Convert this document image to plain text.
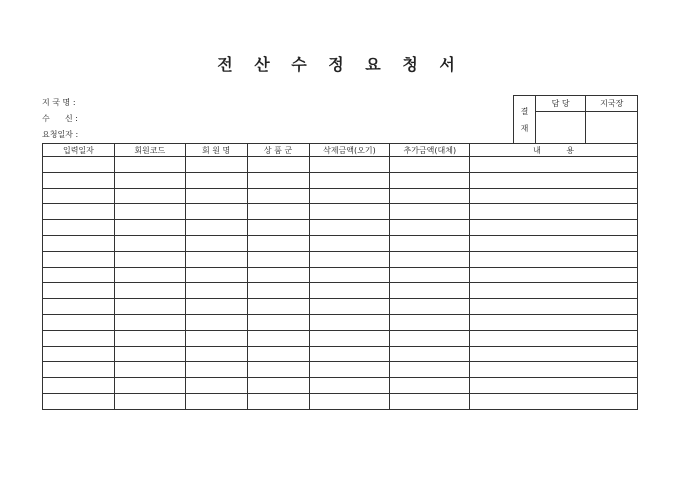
전 산 수 정 요 청 서
지 국 명 :
수      신 :
요청일자 :
결
재	담 당	지국장

입력일자	회원코드	회 원 명	상 품 군	삭제금액(오기)	추가금액(대체)	내          용
